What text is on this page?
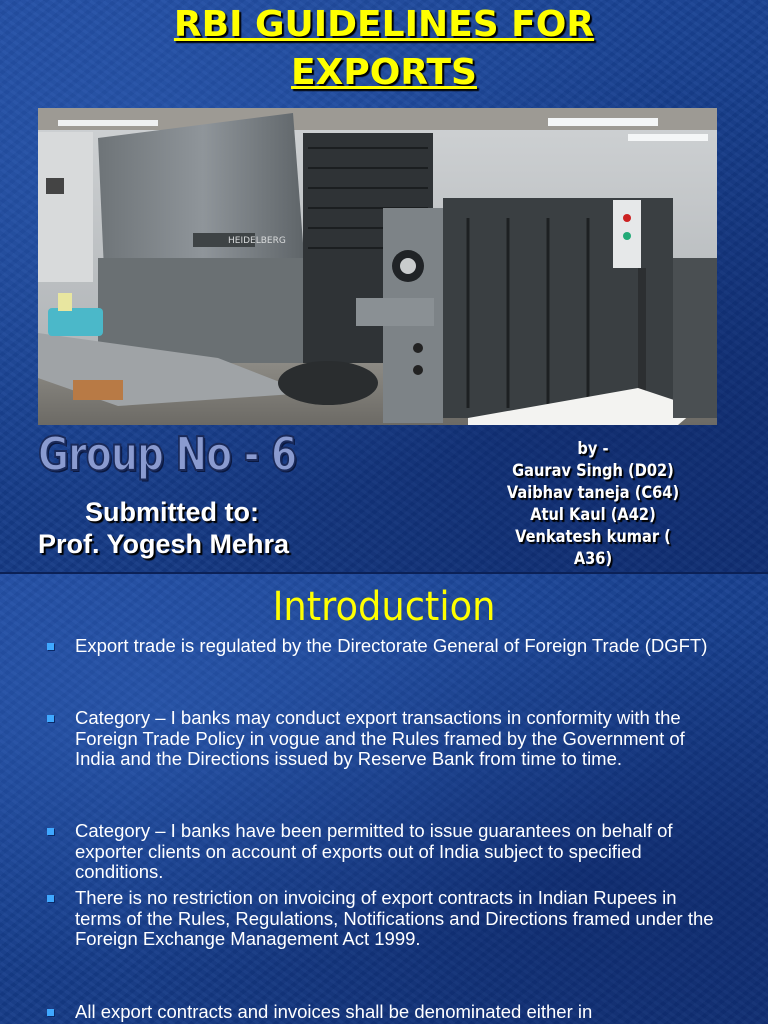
RBI GUIDELINES FOR
EXPORTS
HEIDELBERG
Group No - 6
Submitted to:
Prof. Yogesh Mehra
by -
Gaurav Singh (D02)
Vaibhav taneja (C64)
Atul Kaul (A42)
Venkatesh kumar ( A36)
Introduction
Export trade is regulated by the Directorate General of Foreign Trade (DGFT)
Category – I banks may conduct export transactions in conformity with the Foreign Trade Policy in vogue and the Rules framed by the Government of India and the Directions issued by Reserve Bank from time to time.
Category – I banks have been permitted to issue guarantees on behalf of exporter clients on account of exports out of India subject to specified conditions.
There is no restriction on invoicing of export contracts in Indian Rupees in terms of the Rules, Regulations, Notifications and Directions framed under the Foreign Exchange Management Act 1999.
All export contracts and invoices shall be denominated either in
